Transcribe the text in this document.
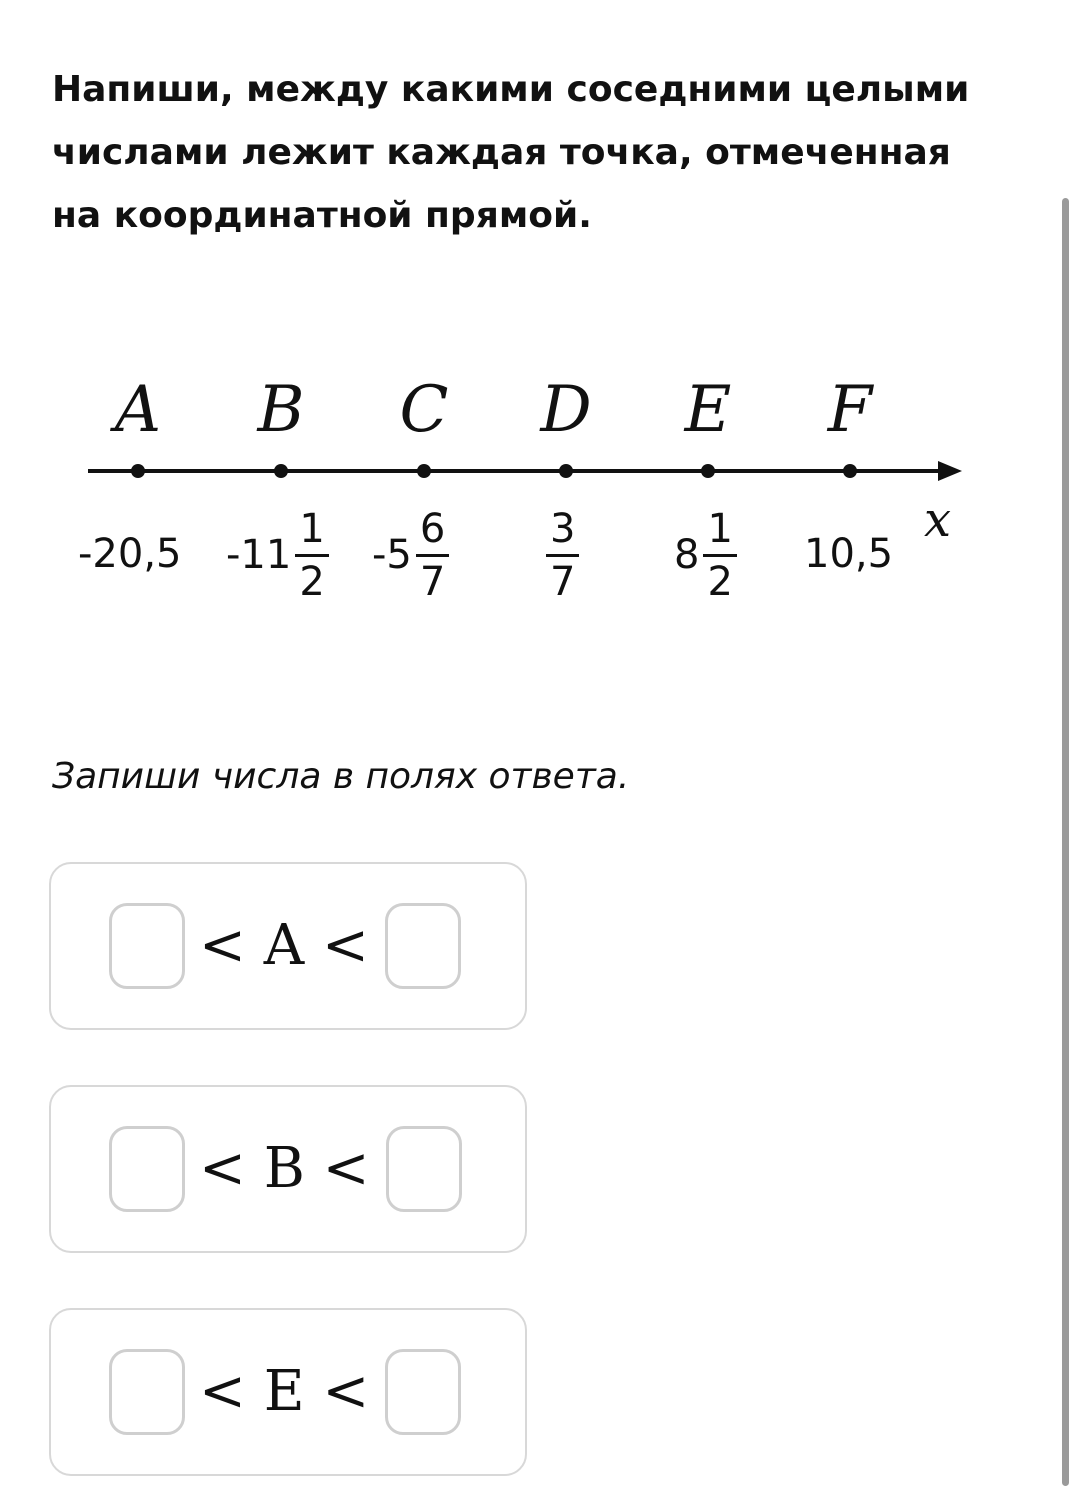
Напиши, между какими соседними целыми числами лежит каждая точка, отмеченная на координатной прямой.
A B C D E F
-20,5 $-11 \frac{1}{2} -5 \frac{6}{7} \frac{3}{7} 8 \frac{1}{2} 10,5$
x
Запиши числа в полях ответа.
< A <
< B <
< E <
